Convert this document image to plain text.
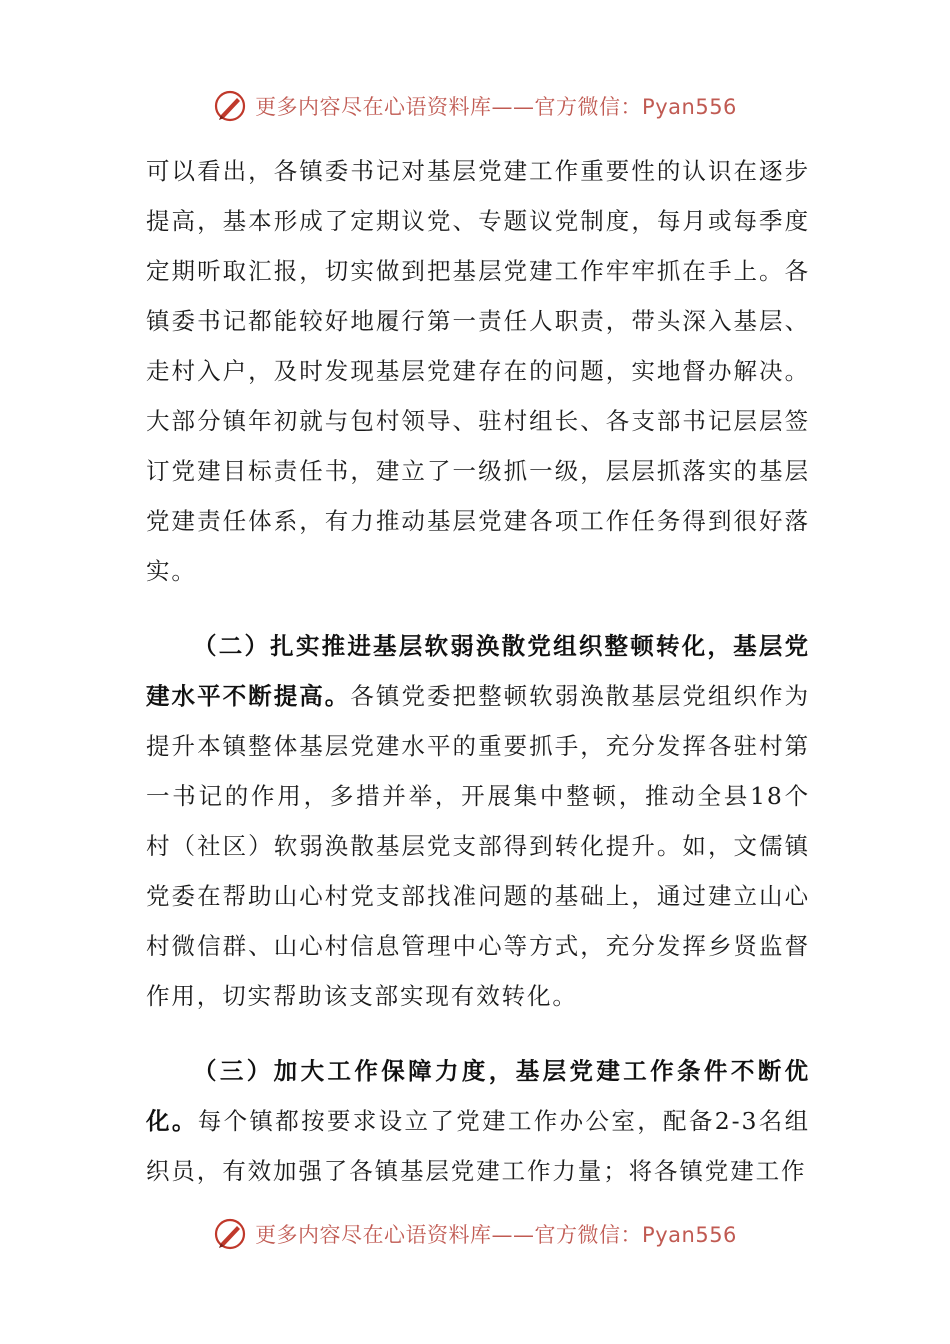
更多内容尽在心语资料库——官方微信：Pyan556

可以看出，各镇委书记对基层党建工作重要性的认识在逐步提高，基本形成了定期议党、专题议党制度，每月或每季度定期听取汇报，切实做到把基层党建工作牢牢抓在手上。各镇委书记都能较好地履行第一责任人职责，带头深入基层、走村入户，及时发现基层党建存在的问题，实地督办解决。大部分镇年初就与包村领导、驻村组长、各支部书记层层签订党建目标责任书，建立了一级抓一级，层层抓落实的基层党建责任体系，有力推动基层党建各项工作任务得到很好落实。

（二）扎实推进基层软弱涣散党组织整顿转化，基层党建水平不断提高。各镇党委把整顿软弱涣散基层党组织作为提升本镇整体基层党建水平的重要抓手，充分发挥各驻村第一书记的作用，多措并举，开展集中整顿，推动全县18个村（社区）软弱涣散基层党支部得到转化提升。如，文儒镇党委在帮助山心村党支部找准问题的基础上，通过建立山心村微信群、山心村信息管理中心等方式，充分发挥乡贤监督作用，切实帮助该支部实现有效转化。

（三）加大工作保障力度，基层党建工作条件不断优化。每个镇都按要求设立了党建工作办公室，配备2-3名组织员，有效加强了各镇基层党建工作力量；将各镇党建工作

更多内容尽在心语资料库——官方微信：Pyan556
